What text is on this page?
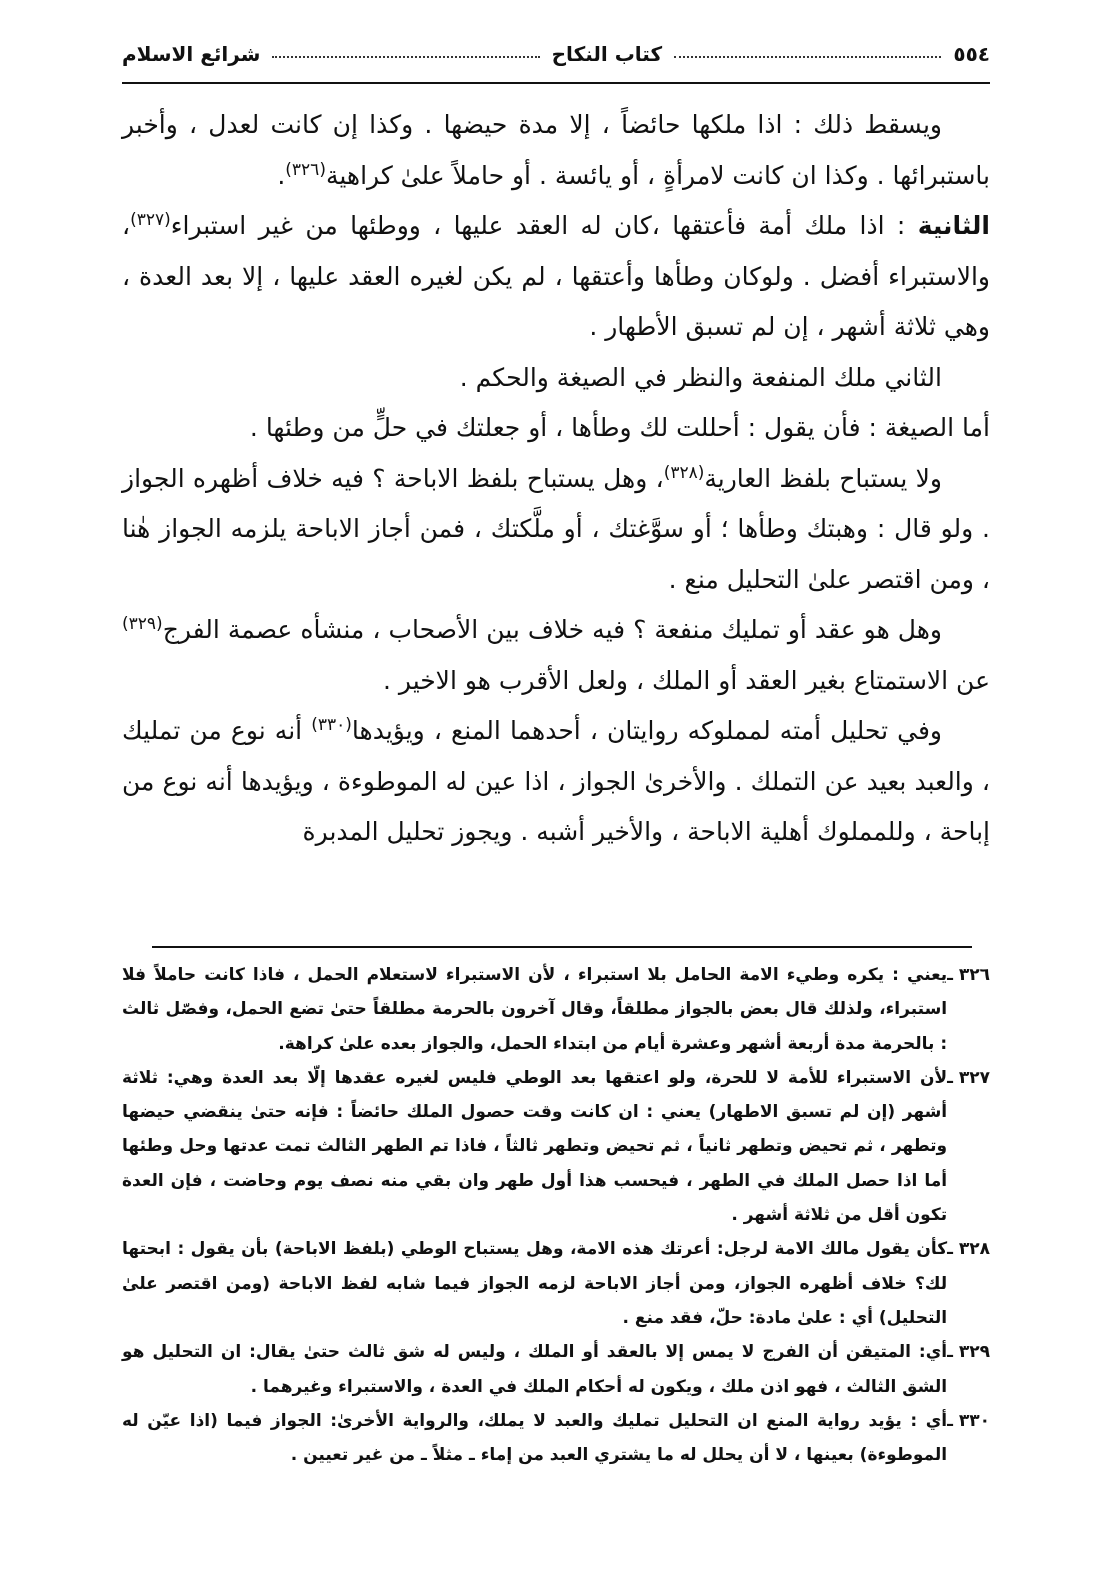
٥٥٤
كتاب النكاح
شرائع الاسلام

ويسقط ذلك : اذا ملكها حائضاً ، إلا مدة حيضها . وكذا إن كانت لعدل ، وأخبر باستبرائها . وكذا ان كانت لامرأةٍ ، أو يائسة . أو حاملاً علىٰ كراهية$^{(٣٢٦)}$.

الثانية : اذا ملك أمة فأعتقها ،كان له العقد عليها ، ووطئها من غير استبراء$^{(٣٢٧)}$، والاستبراء أفضل . ولوكان وطأها وأعتقها ، لم يكن لغيره العقد عليها ، إلا بعد العدة ، وهي ثلاثة أشهر ، إن لم تسبق الأطهار .

الثاني ملك المنفعة والنظر في الصيغة والحكم .

أما الصيغة : فأن يقول : أحللت لك وطأها ، أو جعلتك في حلٍّ من وطئها .

ولا يستباح بلفظ العارية$^{(٣٢٨)}$، وهل يستباح بلفظ الاباحة ؟ فيه خلاف أظهره الجواز . ولو قال : وهبتك وطأها ؛ أو سوَّغتك ، أو ملَّكتك ، فمن أجاز الاباحة يلزمه الجواز هٰنا ، ومن اقتصر علىٰ التحليل منع .

وهل هو عقد أو تمليك منفعة ؟ فيه خلاف بين الأصحاب ، منشأه عصمة الفرج$^{(٣٢٩)}$ عن الاستمتاع بغير العقد أو الملك ، ولعل الأقرب هو الاخير .

وفي تحليل أمته لمملوكه روايتان ، أحدهما المنع ، ويؤيدها$^{(٣٣٠)}$ أنه نوع من تمليك ، والعبد بعيد عن التملك . والأخرىٰ الجواز ، اذا عين له الموطوءة ، ويؤيدها أنه نوع من إباحة ، وللمملوك أهلية الاباحة ، والأخير أشبه . ويجوز تحليل المدبرة

٣٢٦ ـ
يعني : يكره وطيء الامة الحامل بلا استبراء ، لأن الاستبراء لاستعلام الحمل ، فاذا كانت حاملاً فلا استبراء، ولذلك قال بعض بالجواز مطلقاً، وقال آخرون بالحرمة مطلقاً حتىٰ تضع الحمل، وفصّل ثالث : بالحرمة مدة أربعة أشهر وعشرة أيام من ابتداء الحمل، والجواز بعده علىٰ كراهة.
٣٢٧ ـ
لأن الاستبراء للأمة لا للحرة، ولو اعتقها بعد الوطي فليس لغيره عقدها إلّا بعد العدة وهي: ثلاثة أشهر (إن لم تسبق الاطهار) يعني : ان كانت وقت حصول الملك حائضاً : فإنه حتىٰ ينقضي حيضها وتطهر ، ثم تحيض وتطهر ثانياً ، ثم تحيض وتطهر ثالثاً ، فاذا تم الطهر الثالث تمت عدتها وحل وطئها أما اذا حصل الملك في الطهر ، فيحسب هذا أول طهر وان بقي منه نصف يوم وحاضت ، فإن العدة تكون أقل من ثلاثة أشهر .
٣٢٨ ـ
كأن يقول مالك الامة لرجل: أعرتك هذه الامة، وهل يستباح الوطي (بلفظ الاباحة) بأن يقول : ابحتها لك؟ خلاف أظهره الجواز، ومن أجاز الاباحة لزمه الجواز فيما شابه لفظ الاباحة (ومن اقتصر علىٰ التحليل) أي : علىٰ مادة: حلّ، فقد منع .
٣٢٩ ـ
أي: المتيقن أن الفرج لا يمس إلا بالعقد أو الملك ، وليس له شق ثالث حتىٰ يقال: ان التحليل هو الشق الثالث ، فهو اذن ملك ، ويكون له أحكام الملك في العدة ، والاستبراء وغيرهما .
٣٣٠ ـ
أي : يؤيد رواية المنع ان التحليل تمليك والعبد لا يملك، والرواية الأخرىٰ: الجواز فيما (اذا عيّن له الموطوءة) بعينها ، لا أن يحلل له ما يشتري العبد من إماء ـ مثلاً ـ من غير تعيين .
